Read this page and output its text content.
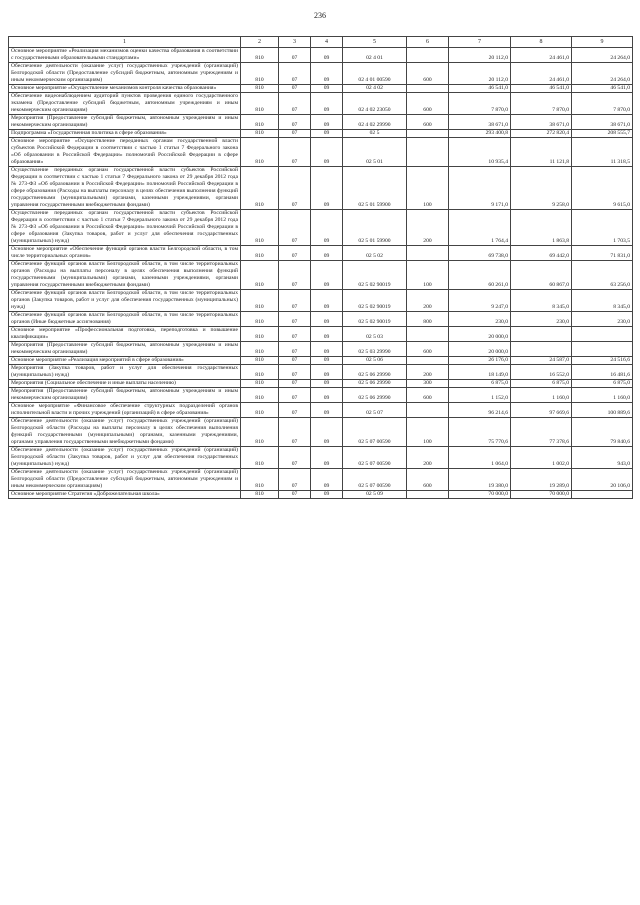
236
1	2	3	4	5	6	7	8	9
Основное мероприятие «Реализация механизмов оценки качества образования в соответствии с государственными образовательными стандартами»	810	07	09	02 4 01		20 112,0	24 461,0	24 264,0
Обеспечение деятельности (оказание услуг) государственных учреждений (организаций) Белгородской области (Предоставление субсидий бюджетным, автономным учреждениям и иным некоммерческим организациям)	810	07	09	02 4 01 00590	600	20 112,0	24 461,0	24 264,0
Основное мероприятие «Осуществление механизмов контроля качества образования»	810	07	09	02 4 02		46 541,0	46 541,0	46 541,0
Обеспечение видеонаблюдением аудиторий пунктов проведения единого государственного экзамена (Предоставление субсидий бюджетным, автономным учреждениям и иным некоммерческим организациям)	810	07	09	02 4 02 23050	600	7 870,0	7 870,0	7 870,0
Мероприятия (Предоставление субсидий бюджетным, автономным учреждениям и иным некоммерческим организациям)	810	07	09	02 4 02 29990	600	38 671,0	38 671,0	38 671,0
Подпрограмма «Государственная политика в сфере образования»	810	07	09	02 5		293 400,8	272 820,4	208 555,7
Основное мероприятие «Осуществление переданных органам государственной власти субъектов Российской Федерации в соответствии с частью 1 статьи 7 Федерального закона «Об образовании в Российской Федерации» полномочий Российской Федерации в сфере образования»	810	07	09	02 5 01		10 935,4	11 121,8	11 318,5
Осуществление переданных органам государственной власти субъектов Российской Федерации в соответствии с частью 1 статьи 7 Федерального закона от 29 декабря 2012 года № 273-ФЗ «Об образовании в Российской Федерации» полномочий Российской Федерации в сфере образования (Расходы на выплаты персоналу в целях обеспечения выполнения функций государственными (муниципальными) органами, казенными учреждениями, органами управления государственными внебюджетными фондами)	810	07	09	02 5 01 59900	100	9 171,0	9 258,0	9 615,0
Осуществление переданных органам государственной власти субъектов Российской Федерации в соответствии с частью 1 статьи 7 Федерального закона от 29 декабря 2012 года № 273-ФЗ «Об образовании в Российской Федерации» полномочий Российской Федерации в сфере образования (Закупка товаров, работ и услуг для обеспечения государственных (муниципальных) нужд)	810	07	09	02 5 01 59900	200	1 764,4	1 863,8	1 703,5
Основное мероприятие «Обеспечение функций органов власти Белгородской области, в том числе территориальных органов»	810	07	09	02 5 02		69 738,0	69 442,0	71 831,0
Обеспечение функций органов власти Белгородской области, в том числе территориальных органов (Расходы на выплаты персоналу в целях обеспечения выполнения функций государственными (муниципальными) органами, казенными учреждениями, органами управления государственными внебюджетными фондами)	810	07	09	02 5 02 90019	100	60 261,0	60 867,0	63 256,0
Обеспечение функций органов власти Белгородской области, в том числе территориальных органов (Закупка товаров, работ и услуг для обеспечения государственных (муниципальных) нужд)	810	07	09	02 5 02 90019	200	9 247,0	8 345,0	8 345,0
Обеспечение функций органов власти Белгородской области, в том числе территориальных органов (Иные бюджетные ассигнования)	810	07	09	02 5 02 90019	800	230,0	230,0	230,0
Основное мероприятие «Профессиональная подготовка, переподготовка и повышение квалификации»	810	07	09	02 5 03		20 000,0		
Мероприятия (Предоставление субсидий бюджетным, автономным учреждениям и иным некоммерческим организациям)	810	07	09	02 5 03 29990	600	20 000,0		
Основное мероприятие «Реализация мероприятий в сфере образования»	810	07	09	02 5 06		26 176,0	24 587,0	24 516,6
Мероприятия (Закупка товаров, работ и услуг для обеспечения государственных (муниципальных) нужд)	810	07	09	02 5 06 29990	200	18 149,0	16 552,0	16 481,6
Мероприятия (Социальное обеспечение и иные выплаты населению)	810	07	09	02 5 06 29990	300	6 875,0	6 875,0	6 875,0
Мероприятия (Предоставление субсидий бюджетным, автономным учреждениям и иным некоммерческим организациям)	810	07	09	02 5 06 29990	600	1 152,0	1 160,0	1 160,0
Основное мероприятие «Финансовое обеспечение структурных подразделений органов исполнительной власти и прочих учреждений (организаций) в сфере образования»	810	07	09	02 5 07		96 214,6	97 669,6	100 889,6
Обеспечение деятельности (оказание услуг) государственных учреждений (организаций) Белгородской области (Расходы на выплаты персоналу в целях обеспечения выполнения функций государственными (муниципальными) органами, казенными учреждениями, органами управления государственными внебюджетными фондами)	810	07	09	02 5 07 00590	100	75 770,6	77 378,6	79 840,6
Обеспечение деятельности (оказание услуг) государственных учреждений (организаций) Белгородской области (Закупка товаров, работ и услуг для обеспечения государственных (муниципальных) нужд)	810	07	09	02 5 07 00590	200	1 064,0	1 002,0	943,0
Обеспечение деятельности (оказание услуг) государственных учреждений (организаций) Белгородской области (Предоставление субсидий бюджетным, автономным учреждениям и иным некоммерческим организациям)	810	07	09	02 5 07 00590	600	19 380,0	19 289,0	20 106,0
Основное мероприятие Стратегия «Доброжелательная школа»	810	07	09	02 5 09		70 000,0	70 000,0	
